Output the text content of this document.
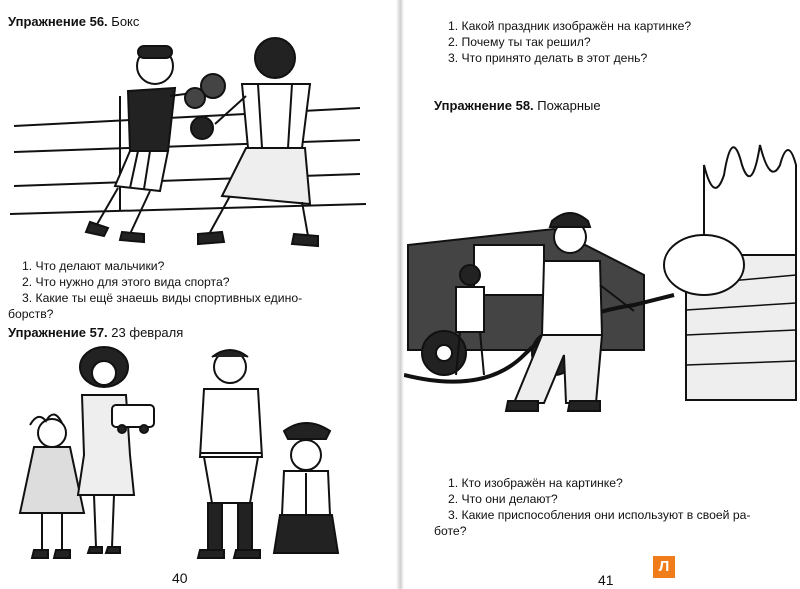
Упражнение 56. Бокс
1. Что делают мальчики?
2. Что нужно для этого вида спорта?
3. Какие ты ещё знаешь виды спортивных едино-
борств?
Упражнение 57. 23 февраля
40
1. Какой праздник изображён на картинке?
2. Почему ты так решил?
3. Что принято делать в этот день?
Упражнение 58. Пожарные
1. Кто изображён на картинке?
2. Что они делают?
3. Какие приспособления они используют в своей ра-
боте?
41
Л
